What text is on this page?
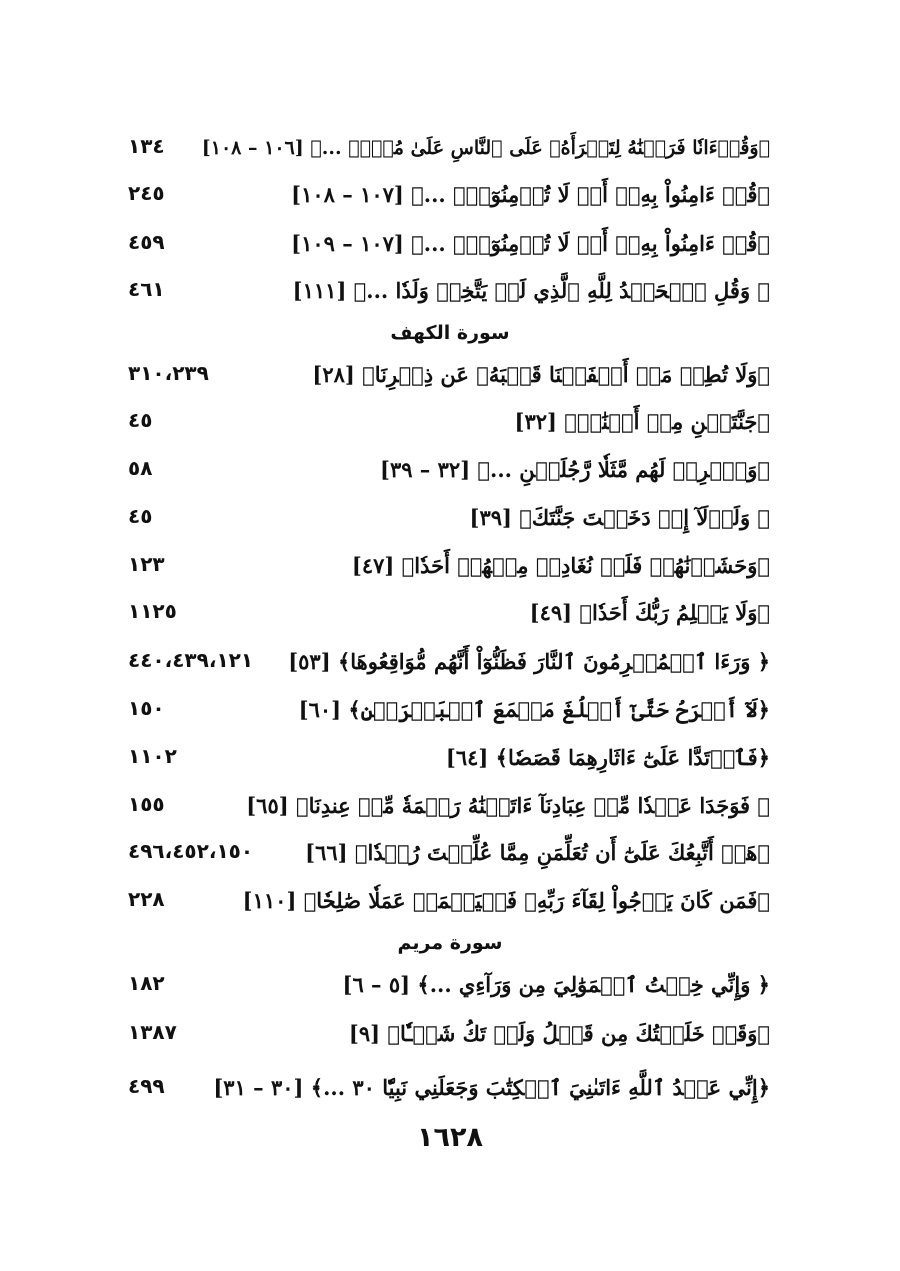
﴿وَقُرۡءَانٗا فَرَقۡنَٰهُ لِتَقۡرَأَهُۥ عَلَى ٱلنَّاسِ عَلَىٰ مُكۡثٖ ...﴾ [١٠٦ – ١٠٨]
١٣٤
﴿قُلۡ ءَامِنُواْ بِهِۦٓ أَوۡ لَا تُؤۡمِنُوٓاْۚ ...﴾ [١٠٧ – ١٠٨]
٢٤٥
﴿قُلۡ ءَامِنُواْ بِهِۦٓ أَوۡ لَا تُؤۡمِنُوٓاْۚ ...﴾ [١٠٧ – ١٠٩]
٤٥٩
﴿ وَقُلِ ٱلۡحَمۡدُ لِلَّهِ ٱلَّذِي لَمۡ يَتَّخِذۡ وَلَدٗا ...﴾ [١١١]
٤٦١
سورة الكهف
﴿وَلَا تُطِعۡ مَنۡ أَغۡفَلۡنَا قَلۡبَهُۥ عَن ذِكۡرِنَا﴾ [٢٨]
٣١٠،٢٣٩
﴿جَنَّتَيۡنِ مِنۡ أَعۡنَٰبٖ﴾ [٣٢]
٤٥
﴿وَٱضۡرِبۡ لَهُم مَّثَلٗا رَّجُلَيۡنِ ...﴾ [٣٢ – ٣٩]
٥٨
﴿ وَلَوۡلَآ إِذۡ دَخَلۡتَ جَنَّتَكَ﴾ [٣٩]
٤٥
﴿وَحَشَرۡنَٰهُمۡ فَلَمۡ نُغَادِرۡ مِنۡهُمۡ أَحَدٗا﴾ [٤٧]
١٢٣
﴿وَلَا يَظۡلِمُ رَبُّكَ أَحَدٗا﴾ [٤٩]
١١٢٥
﴿ وَرَءَا ٱلۡمُجۡرِمُونَ ٱلنَّارَ فَظَنُّوٓاْ أَنَّهُم مُّوَاقِعُوهَا﴾ [٥٣]
٤٤٠،٤٣٩،١٢١
﴿لَآ أَبۡرَحُ حَتَّىٰٓ أَبۡلُغَ مَجۡمَعَ ٱلۡبَحۡرَيۡنِ﴾ [٦٠]
١٥٠
﴿فَٱرۡتَدَّا عَلَىٰٓ ءَاثَارِهِمَا قَصَصٗا﴾ [٦٤]
١١٠٢
﴿ فَوَجَدَا عَبۡدٗا مِّنۡ عِبَادِنَآ ءَاتَيۡنَٰهُ رَحۡمَةٗ مِّنۡ عِندِنَا﴾ [٦٥]
١٥٥
﴿هَلۡ أَتَّبِعُكَ عَلَىٰٓ أَن تُعَلِّمَنِ مِمَّا عُلِّمۡتَ رُشۡدٗا﴾ [٦٦]
٤٩٦،٤٥٢،١٥٠
﴿فَمَن كَانَ يَرۡجُواْ لِقَآءَ رَبِّهِۦ فَلۡيَعۡمَلۡ عَمَلٗا صَٰلِحٗا﴾ [١١٠]
٢٢٨
سورة مريم
﴿ وَإِنِّي خِفۡتُ ٱلۡمَوَٰلِيَ مِن وَرَآءِي ...﴾ [٥ – ٦]
١٨٢
﴿وَقَدۡ خَلَقۡتُكَ مِن قَبۡلُ وَلَمۡ تَكُ شَيۡـٔٗا﴾ [٩]
١٣٨٧
﴿إِنِّي عَبۡدُ ٱللَّهِ ءَاتَىٰنِيَ ٱلۡكِتَٰبَ وَجَعَلَنِي نَبِيّٗا ٣٠ ...﴾ [٣٠ – ٣١]
٤٩٩
١٦٢٨
